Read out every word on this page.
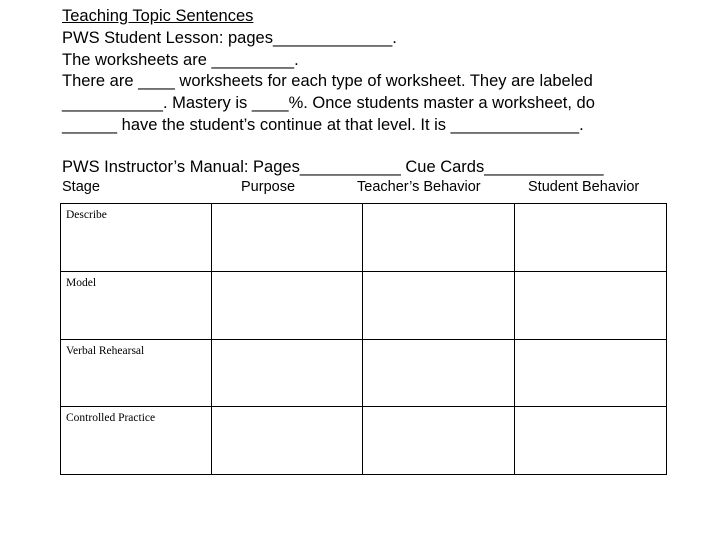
Teaching Topic Sentences
PWS Student Lesson: pages_____________.
The worksheets are _________.
There are ____ worksheets for each type of worksheet. They are labeled
___________. Mastery is ____%. Once students master a worksheet, do
______ have the student’s continue at that level. It is ______________.
PWS Instructor’s Manual: Pages___________ Cue Cards_____________
Stage	Purpose	Teacher’s Behavior	Student Behavior
Describe			
Model			
Verbal Rehearsal			
Controlled Practice			
